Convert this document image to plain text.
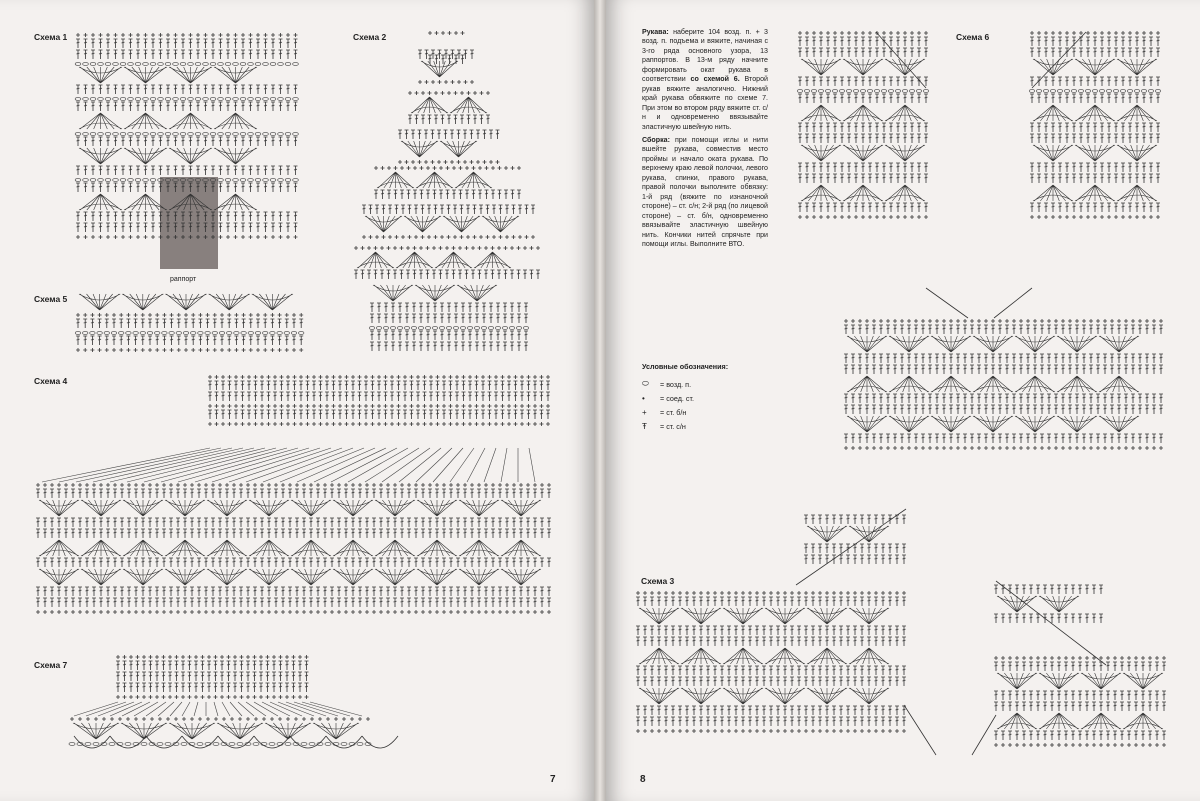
Схема 1
раппорт
Схема 2
Схема 5
Схема 4
Схема 7
7

Рукава: наберите 104 возд. п. + 3 возд. п. подъема и вяжите, начиная с 3-го ряда основного узора, 13 раппортов. В 13-м ряду начните формировать окат рукава в соответствии со схемой 6. Второй рукав вяжите аналогично. Нижний край рукава обвяжите по схеме 7. При этом во втором ряду вяжите ст. с/н и одновременно ввязывайте эластичную швейную нить.

Сборка: при помощи иглы и нити вшейте рукава, совместив место проймы и начало оката рукава. По верхнему краю левой полочки, левого рукава, спинки, правого рукава, правой полочки выполните обвязку: 1-й ряд (вяжите по изнаночной стороне) – ст. с/н; 2-й ряд (по лицевой стороне) – ст. б/н, одновременно ввязывайте эластичную швейную нить. Кончики нитей спрячьте при помощи иглы. Выполните ВТО.

Условные обозначения:
⬭	= возд. п.
•	= соед. ст.
+	= ст. б/н
Ŧ	= ст. с/н
Схема 6
Схема 3
8
